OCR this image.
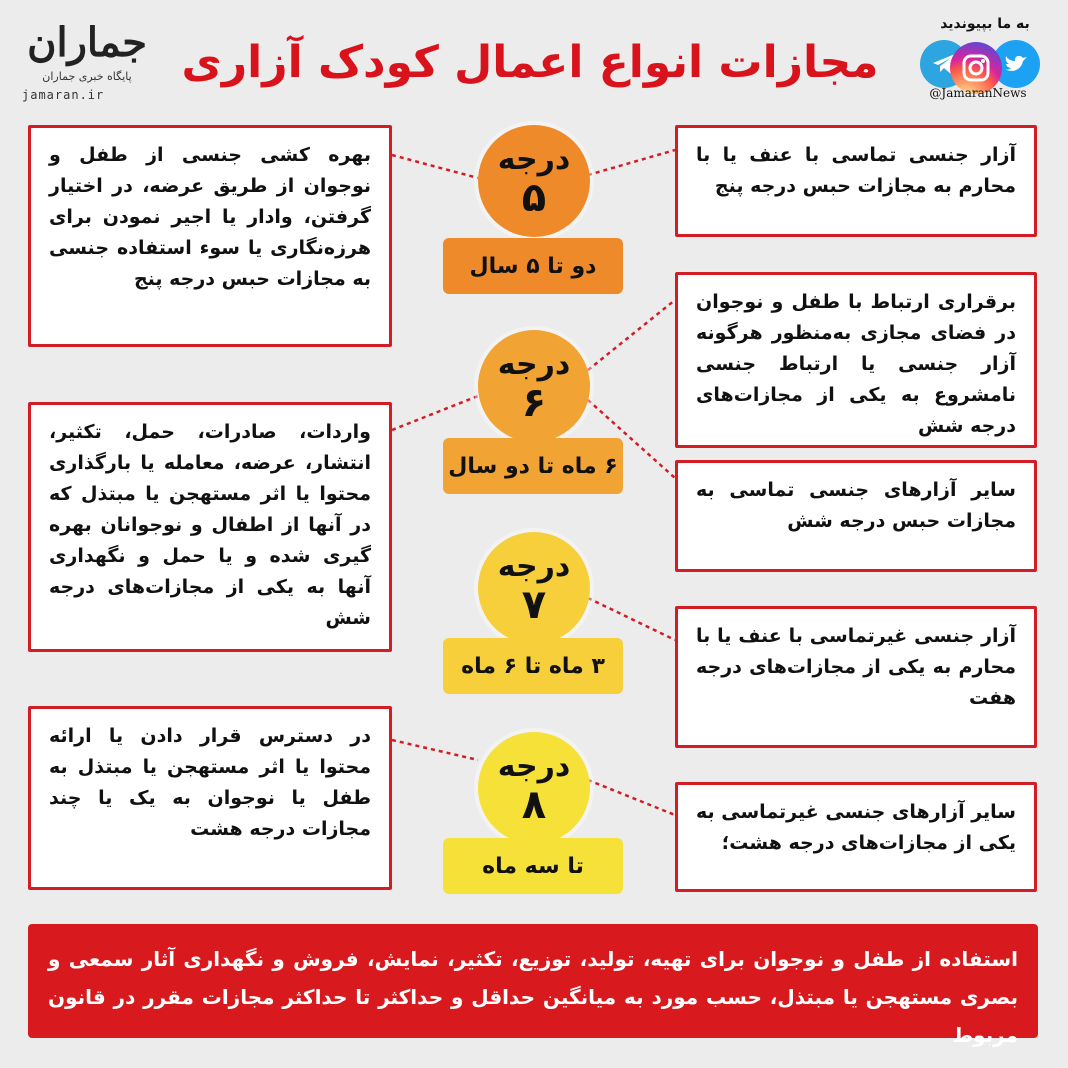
جماران
پایگاه خبری جماران
jamaran.ir
مجازات انواع اعمال کودک آزاری
به ما بپیوندید
@JamaranNews
درجه
۵
دو تا ۵ سال
درجه
۶
۶ ماه تا دو سال
درجه
۷
۳ ماه تا ۶ ماه
درجه
۸
تا سه ماه
بهره کشی جنسی از طفل و نوجوان از طریق عرضه، در اختیار گرفتن، وادار یا اجیر نمودن برای هرزه‌نگاری یا سوء استفاده جنسی به مجازات حبس درجه پنج
واردات، صادرات، حمل، تکثیر، انتشار، عرضه، معامله یا بارگذاری محتوا یا اثر مستهجن یا مبتذل که در آنها از اطفال و نوجوانان بهره گیری شده و یا حمل و نگهداری آنها به یکی از مجازات‌های درجه شش
در دسترس قرار دادن یا ارائه محتوا یا اثر مستهجن یا مبتذل به طفل یا نوجوان به یک یا چند مجازات درجه هشت
آزار جنسی تماسی با عنف یا با محارم به مجازات حبس درجه پنج
برقراری ارتباط با طفل و نوجوان در فضای مجازی به‌منظور هرگونه آزار جنسی یا ارتباط جنسی نامشروع به یکی از مجازات‌های درجه شش
سایر آزارهای جنسی تماسی به مجازات حبس درجه شش
آزار جنسی غیرتماسی با عنف یا با محارم به یکی از مجازات‌های درجه هفت
سایر آزارهای جنسی غیرتماسی به یکی از مجازات‌های درجه هشت؛
استفاده از طفل و نوجوان برای تهیه، تولید، توزیع، تکثیر، نمایش، فروش و نگهداری آثار سمعی و بصری مستهجن یا مبتذل، حسب مورد به میانگین حداقل و حداکثر تا حداکثر مجازات مقرر در قانون مربوط
